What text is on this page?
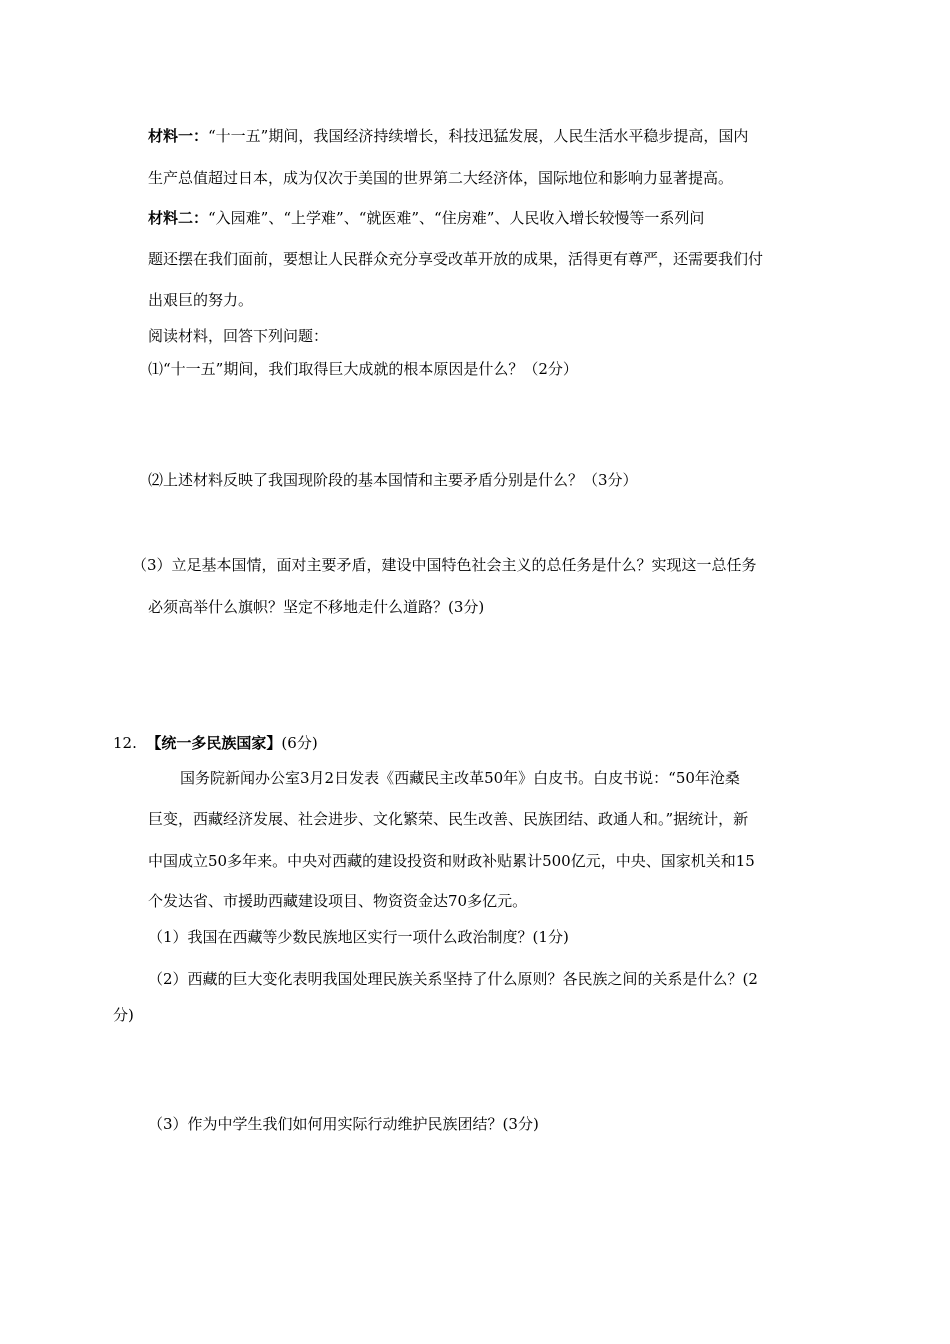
材料一：“十一五”期间，我国经济持续增长，科技迅猛发展，人民生活水平稳步提高，国内
生产总值超过日本，成为仅次于美国的世界第二大经济体，国际地位和影响力显著提高。
材料二：“入园难”、“上学难”、“就医难”、“住房难”、人民收入增长较慢等一系列问
题还摆在我们面前，要想让人民群众充分享受改革开放的成果，活得更有尊严，还需要我们付
出艰巨的努力。
阅读材料，回答下列问题：
⑴“十一五”期间，我们取得巨大成就的根本原因是什么？（2分）
⑵上述材料反映了我国现阶段的基本国情和主要矛盾分别是什么？（3分）
（3）立足基本国情，面对主要矛盾，建设中国特色社会主义的总任务是什么？实现这一总任务
必须高举什么旗帜？坚定不移地走什么道路？(3分)
12. 【统一多民族国家】(6分)
国务院新闻办公室3月2日发表《西藏民主改革50年》白皮书。白皮书说：“50年沧桑
巨变，西藏经济发展、社会进步、文化繁荣、民生改善、民族团结、政通人和。”据统计，新
中国成立50多年来。中央对西藏的建设投资和财政补贴累计500亿元，中央、国家机关和15
个发达省、市援助西藏建设项目、物资资金达70多亿元。
（1）我国在西藏等少数民族地区实行一项什么政治制度？(1分)
（2）西藏的巨大变化表明我国处理民族关系坚持了什么原则？各民族之间的关系是什么？(2
分)
（3）作为中学生我们如何用实际行动维护民族团结？(3分)
